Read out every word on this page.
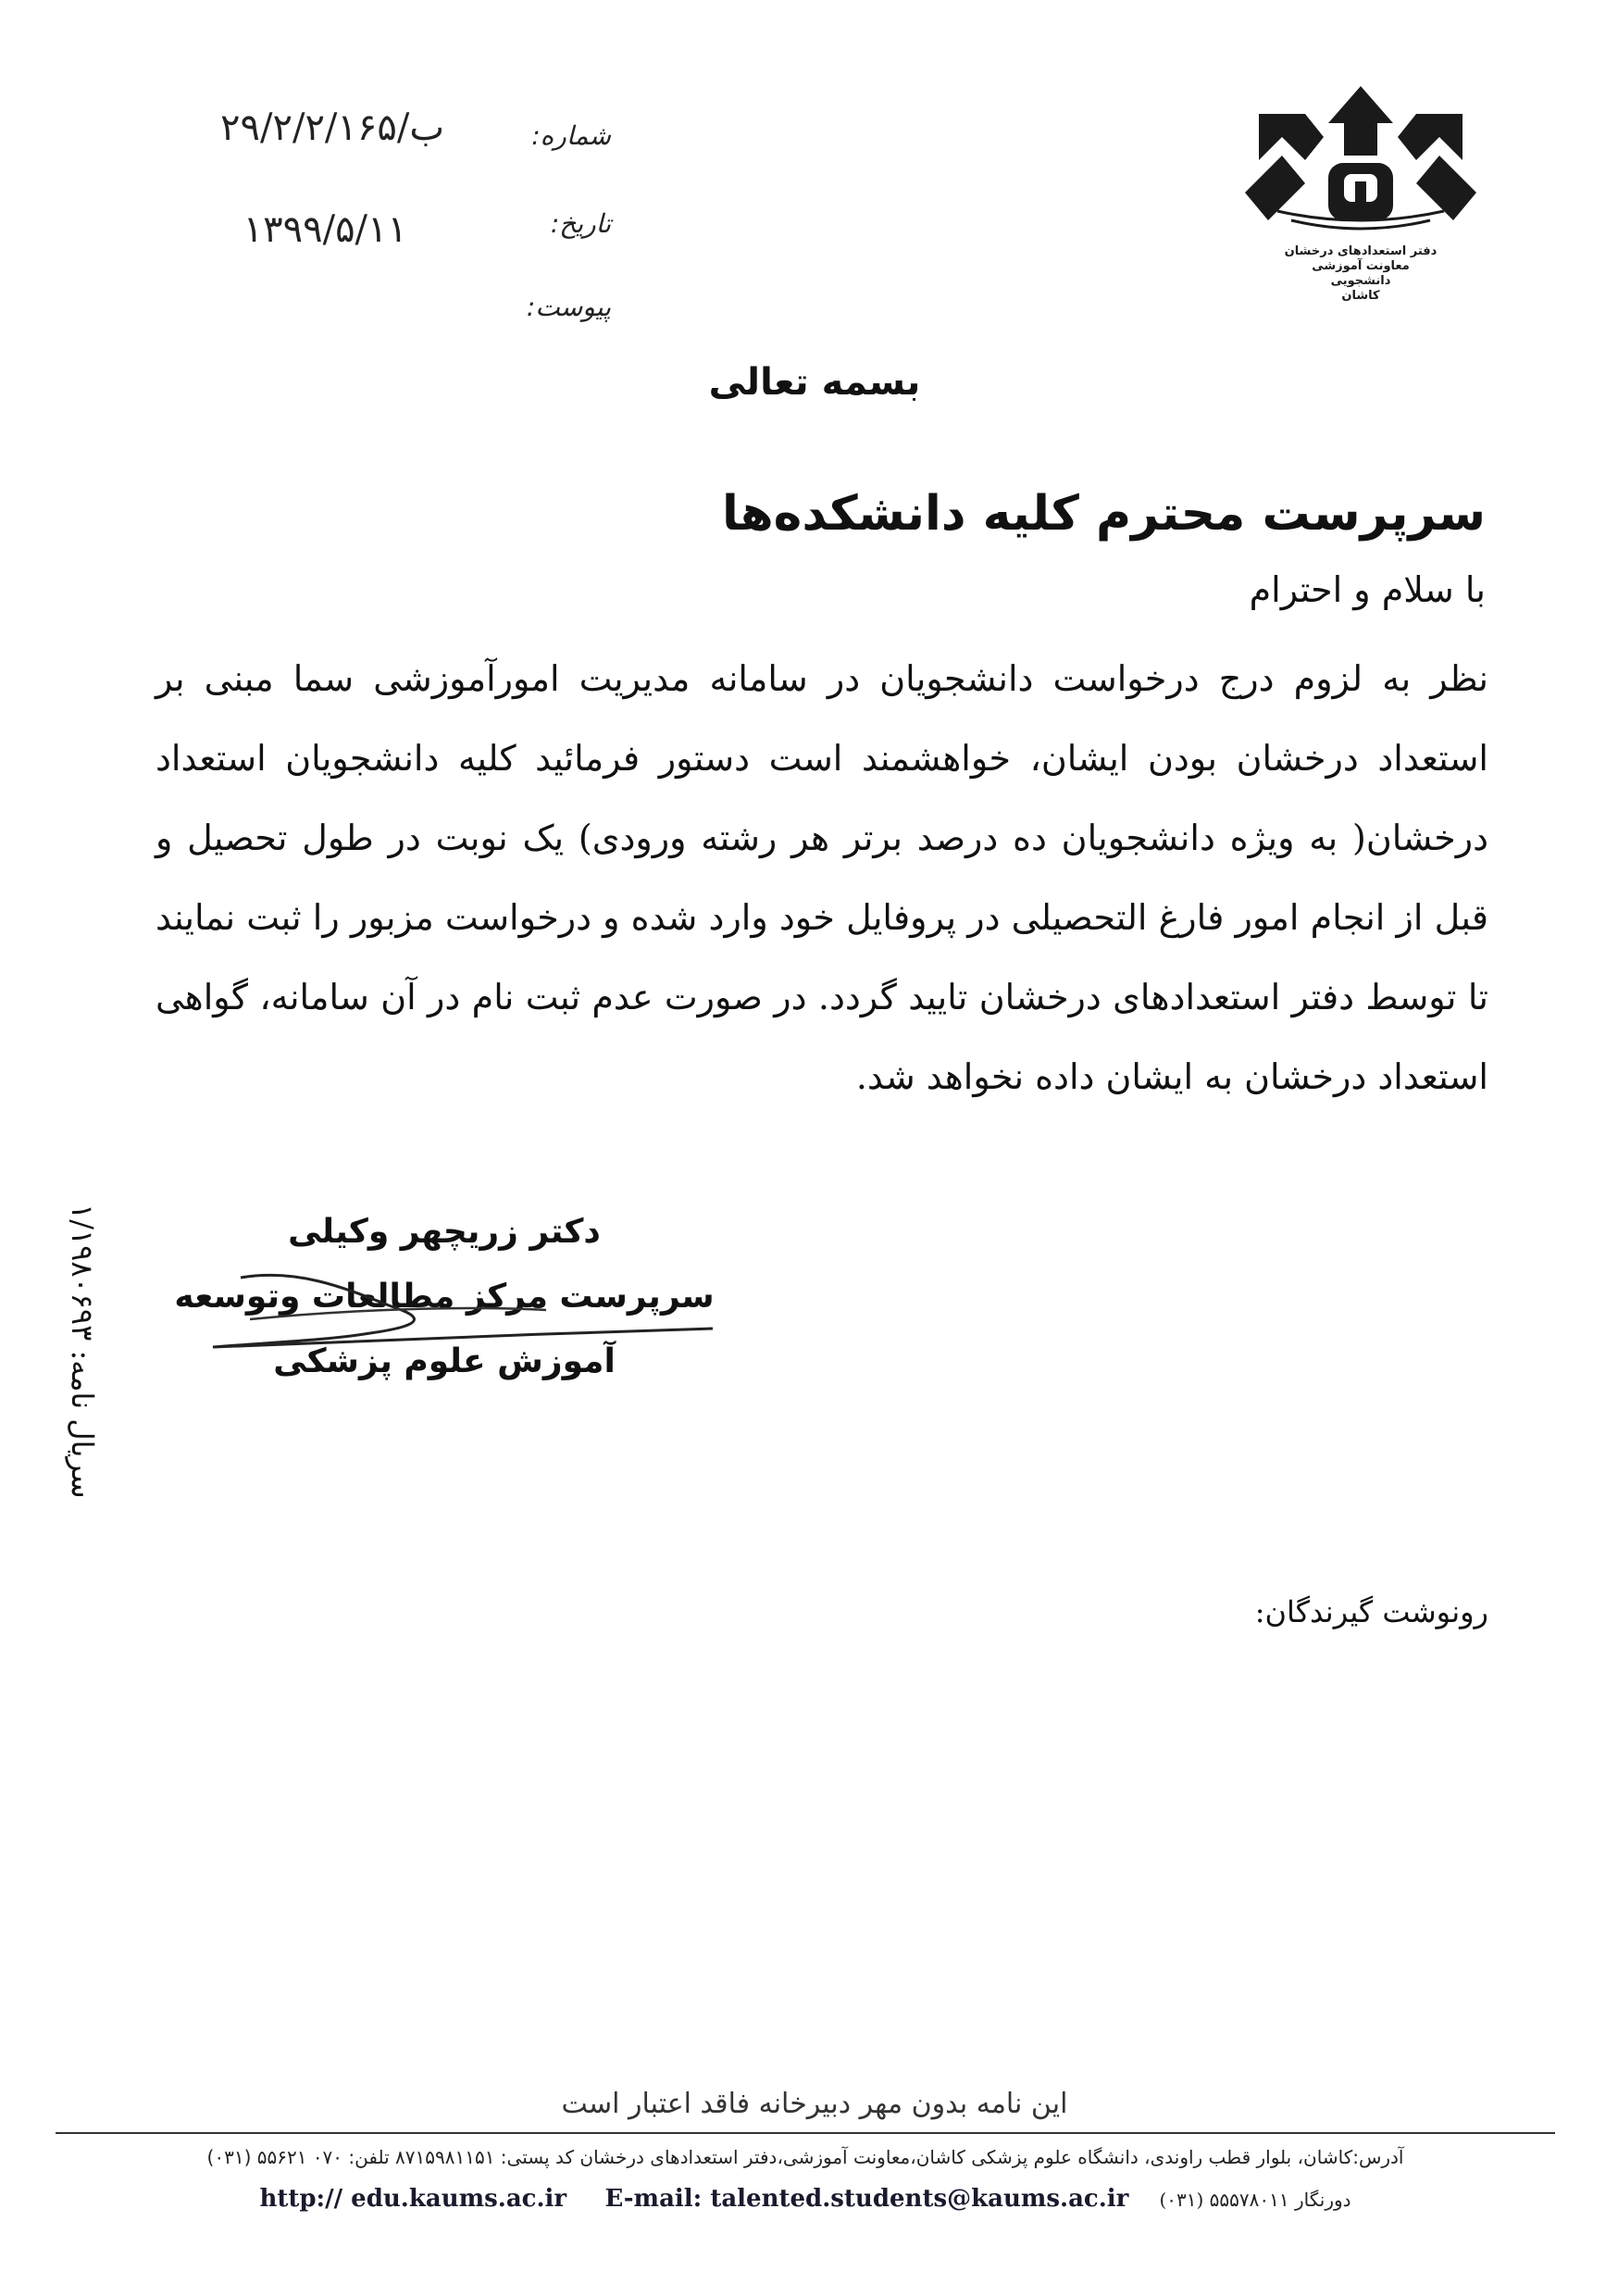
دفتر استعدادهای درخشان
معاونت آموزشی
دانشجویی
کاشان
شماره:
ب/۲۹/۲/۲/۱۶۵
تاریخ:
۱۳۹۹/۵/۱۱
پیوست:
بسمه تعالی
سرپرست محترم کلیه دانشکده‌ها
با سلام و احترام
نظر به لزوم درج درخواست دانشجویان در سامانه مدیریت امورآموزشی سما مبنی بر استعداد درخشان بودن ایشان، خواهشمند است دستور فرمائید کلیه دانشجویان استعداد درخشان( به ویژه دانشجویان ده درصد برتر هر رشته ورودی) یک نوبت در طول تحصیل و قبل از انجام امور فارغ التحصیلی در پروفایل خود وارد شده و درخواست مزبور را ثبت نمایند تا توسط دفتر استعدادهای درخشان تایید گردد. در صورت عدم ثبت نام در آن سامانه، گواهی استعداد درخشان به ایشان داده نخواهد شد.
دکتر زریچهر وکیلی
سرپرست مرکز مطالعات وتوسعه
آموزش علوم پزشکی
سریال نامه: ۱/۱۹۸۰۶۹۳
رونوشت گیرندگان:
این نامه بدون مهر دبیرخانه فاقد اعتبار است
آدرس:کاشان، بلوار قطب راوندی، دانشگاه علوم پزشکی کاشان،معاونت آموزشی،دفتر استعدادهای درخشان کد پستی: ۸۷۱۵۹۸۱۱۵۱ تلفن: ۰۷۰ ۵۵۶۲۱ (۰۳۱)
http:// edu.kaums.ac.ir E-mail: talented.students@kaums.ac.ir دورنگار ۵۵۵۷۸۰۱۱ (۰۳۱)
